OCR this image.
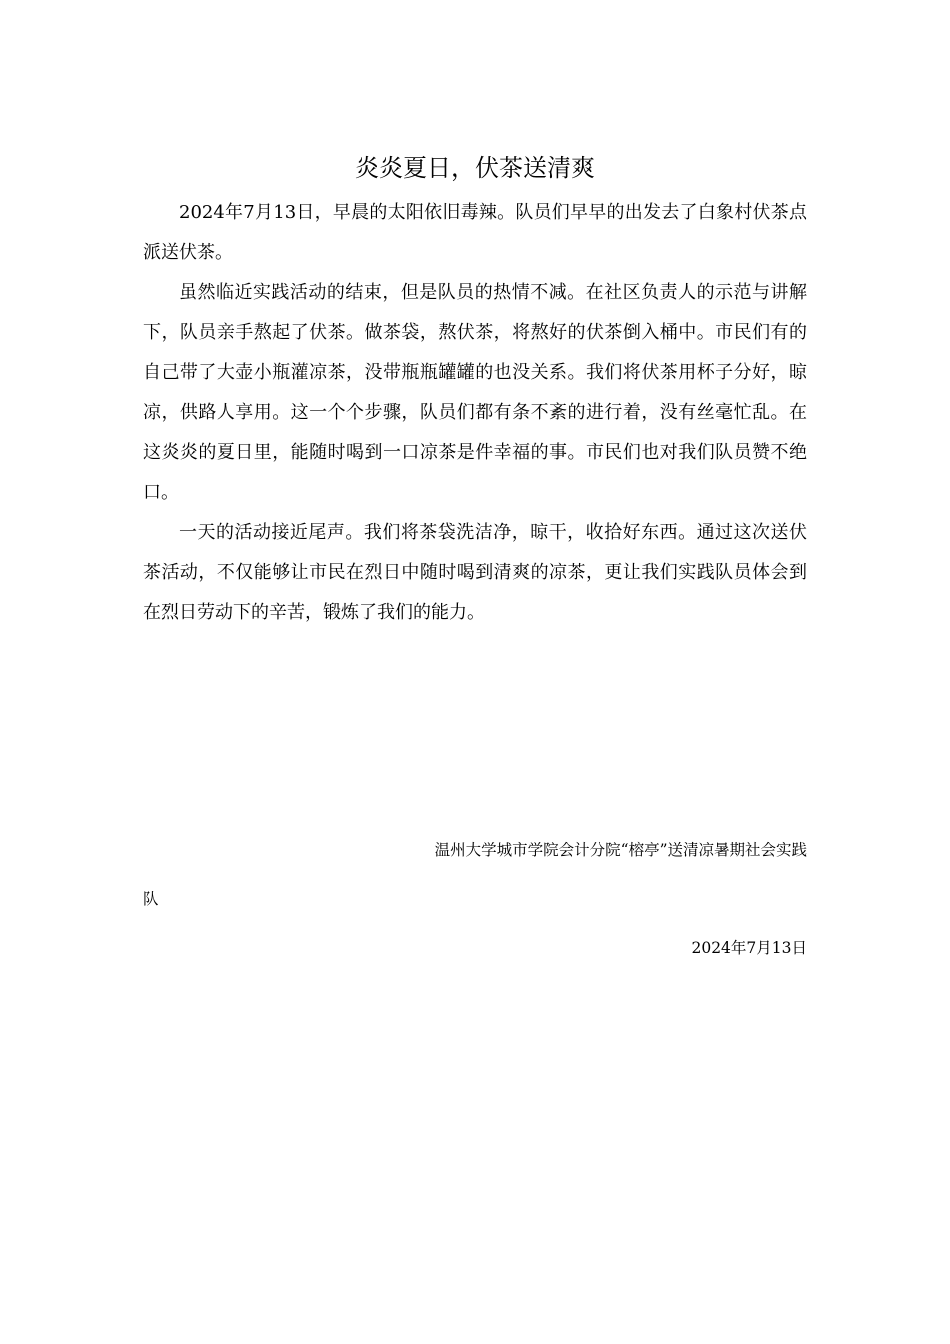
炎炎夏日，伏茶送清爽

2024年7月13日，早晨的太阳依旧毒辣。队员们早早的出发去了白象村伏茶点派送伏茶。

虽然临近实践活动的结束，但是队员的热情不减。在社区负责人的示范与讲解下，队员亲手熬起了伏茶。做茶袋，熬伏茶，将熬好的伏茶倒入桶中。市民们有的自己带了大壶小瓶灌凉茶，没带瓶瓶罐罐的也没关系。我们将伏茶用杯子分好，晾凉，供路人享用。这一个个步骤，队员们都有条不紊的进行着，没有丝毫忙乱。在这炎炎的夏日里，能随时喝到一口凉茶是件幸福的事。市民们也对我们队员赞不绝口。

一天的活动接近尾声。我们将茶袋洗洁净，晾干，收拾好东西。通过这次送伏茶活动，不仅能够让市民在烈日中随时喝到清爽的凉茶，更让我们实践队员体会到在烈日劳动下的辛苦，锻炼了我们的能力。

温州大学城市学院会计分院“榕亭”送清凉暑期社会实践

队

2024年7月13日
